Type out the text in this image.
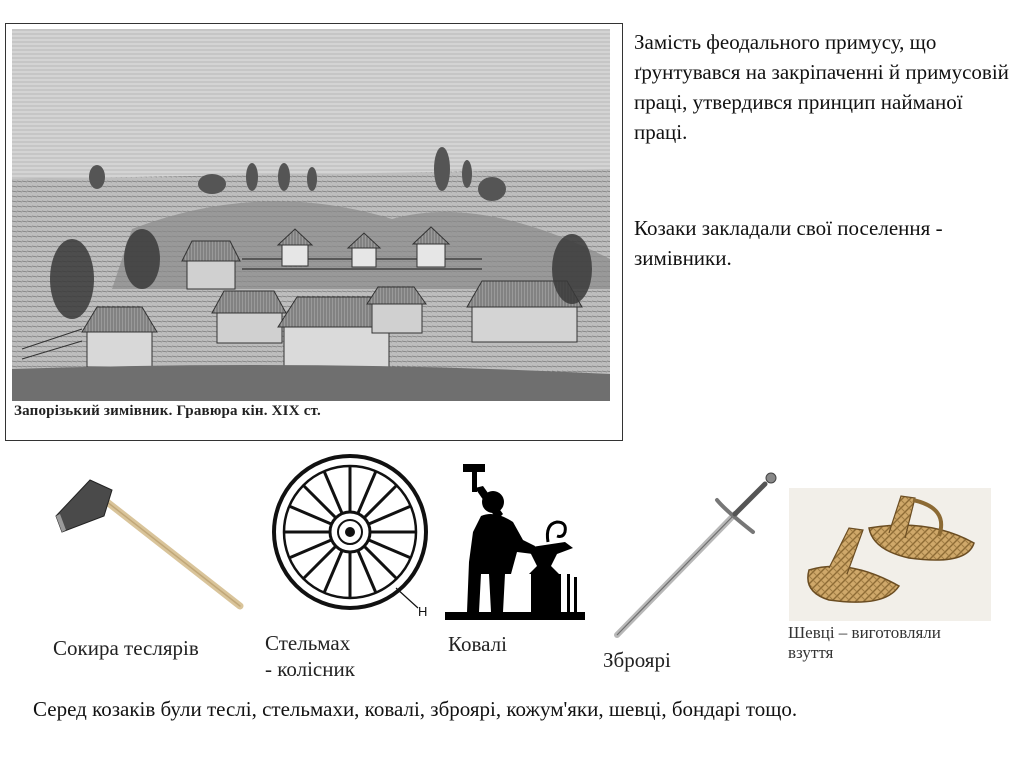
Запорізький зимівник. Гравюра кін. XIX ст.
Замість феодального примусу, що ґрунтувався на закріпаченні й примусовій праці, утвердився принцип найманої праці.
Козаки закладали свої поселення - зимівники.
Сокира теслярів
Н
Стельмах
- колісник
Ковалі
Зброярі
Шевці – виготовляли
взуття
Серед козаків були теслі, стельмахи, ковалі, зброярі, кожум'яки, шевці, бондарі тощо.
